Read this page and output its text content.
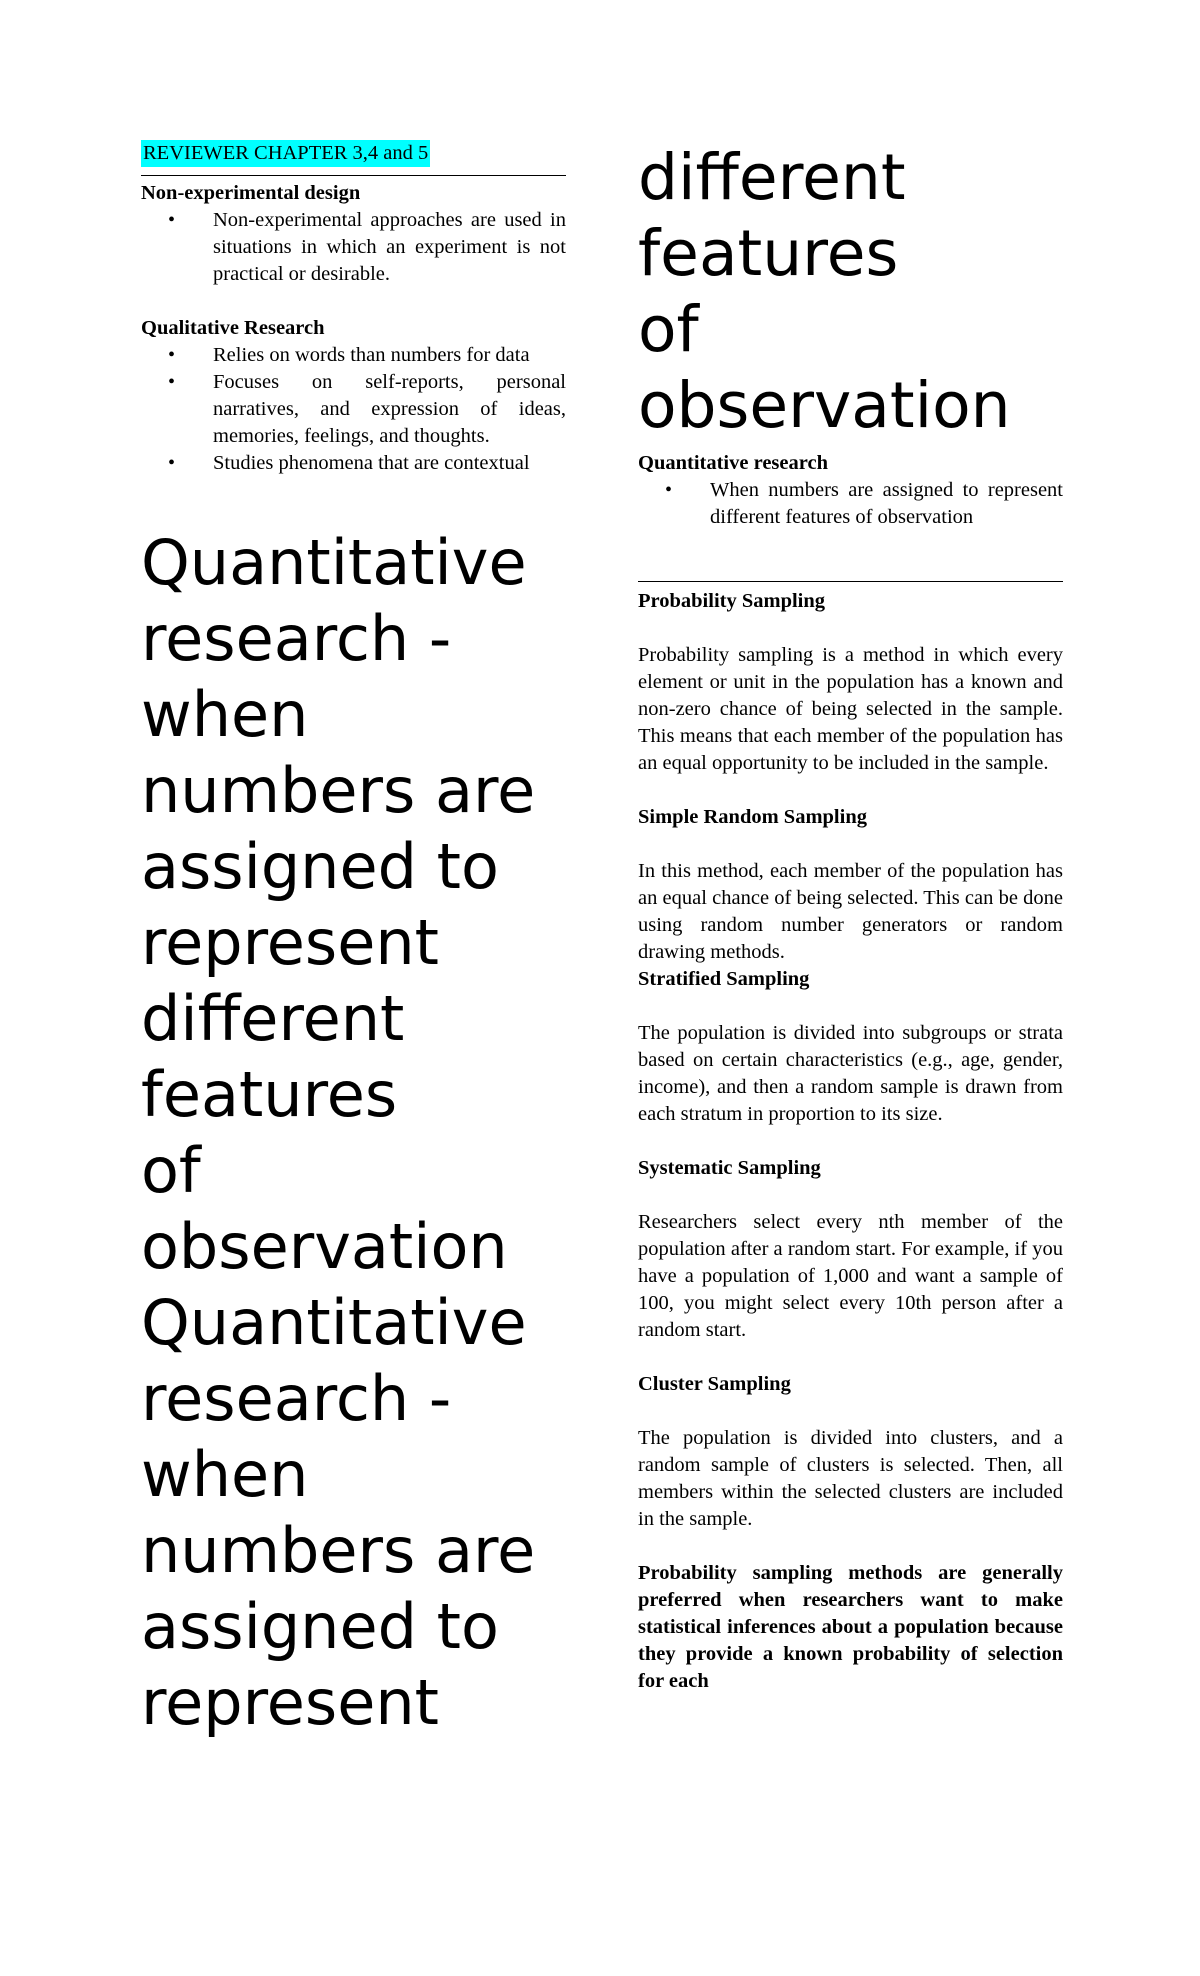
REVIEWER CHAPTER 3,4 and 5
Non-experimental design
• Non-experimental approaches are used in situations in which an experiment is not practical or desirable.
Qualitative Research
• Relies on words than numbers for data
• Focuses on self-reports, personal narratives, and expression of ideas, memories, feelings, and thoughts.
• Studies phenomena that are contextual
Quantitative
research -
when
numbers are
assigned to
represent
different
features
of
observation
Quantitative
research -
when
numbers are
assigned to
represent
different
features
of
observation
Quantitative research
• When numbers are assigned to represent different features of observation
Probability Sampling

Probability sampling is a method in which every element or unit in the population has a known and non-zero chance of being selected in the sample. This means that each member of the population has an equal opportunity to be included in the sample.

Simple Random Sampling

In this method, each member of the population has an equal chance of being selected. This can be done using random number generators or random drawing methods.

Stratified Sampling

The population is divided into subgroups or strata based on certain characteristics (e.g., age, gender, income), and then a random sample is drawn from each stratum in proportion to its size.

Systematic Sampling

Researchers select every nth member of the population after a random start. For example, if you have a population of 1,000 and want a sample of 100, you might select every 10th person after a random start.

Cluster Sampling

The population is divided into clusters, and a random sample of clusters is selected. Then, all members within the selected clusters are included in the sample.

Probability sampling methods are generally preferred when researchers want to make statistical inferences about a population because they provide a known probability of selection for each
